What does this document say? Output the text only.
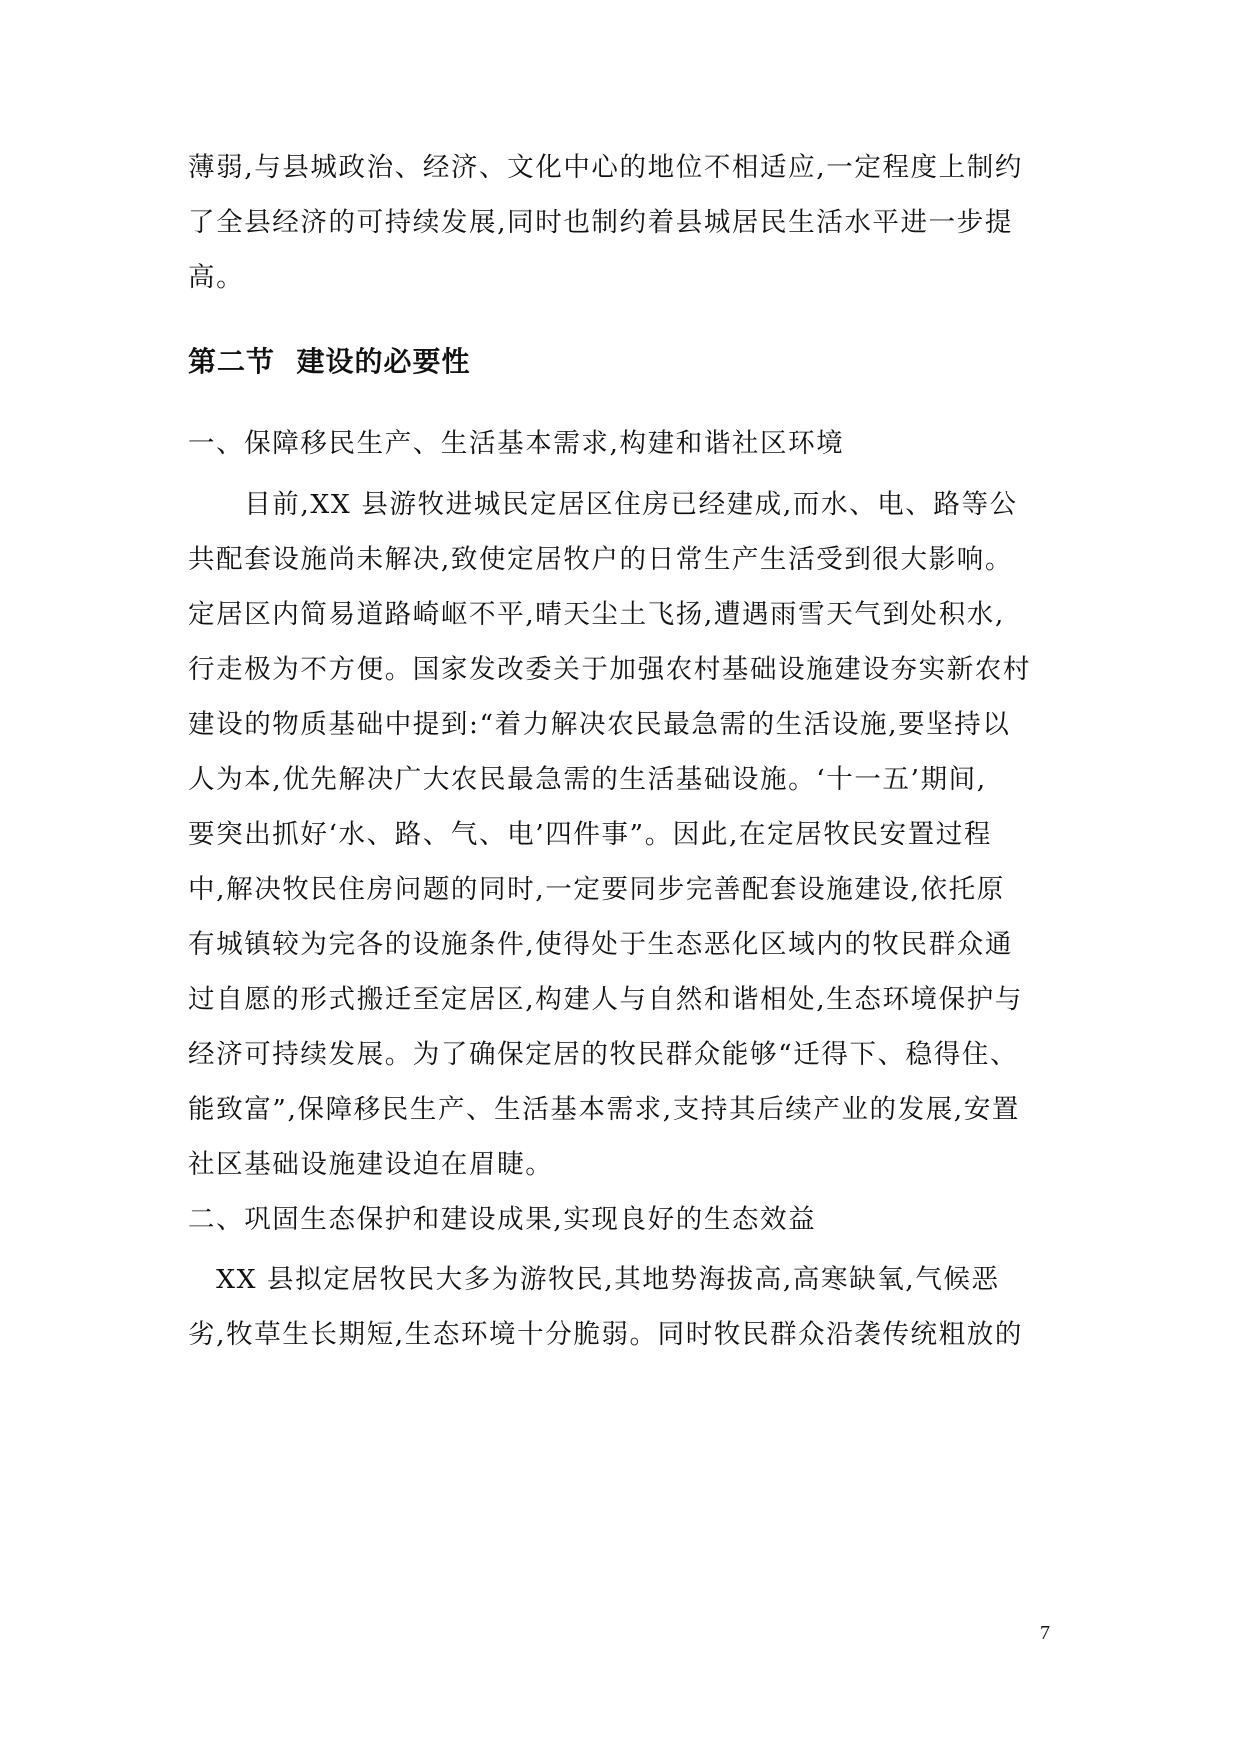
薄弱,与县城政治、经济、文化中心的地位不相适应,一定程度上制约
了全县经济的可持续发展,同时也制约着县城居民生活水平进一步提
高。
第二节  建设的必要性
一、保障移民生产、生活基本需求,构建和谐社区环境
　　目前,XX 县游牧进城民定居区住房已经建成,而水、电、路等公
共配套设施尚未解决,致使定居牧户的日常生产生活受到很大影响。
定居区内简易道路崎岖不平,晴天尘土飞扬,遭遇雨雪天气到处积水,
行走极为不方便。国家发改委关于加强农村基础设施建设夯实新农村
建设的物质基础中提到:“着力解决农民最急需的生活设施,要坚持以
人为本,优先解决广大农民最急需的生活基础设施。‘十一五’期间,
要突出抓好‘水、路、气、电’四件事”。因此,在定居牧民安置过程
中,解决牧民住房问题的同时,一定要同步完善配套设施建设,依托原
有城镇较为完各的设施条件,使得处于生态恶化区域内的牧民群众通
过自愿的形式搬迁至定居区,构建人与自然和谐相处,生态环境保护与
经济可持续发展。为了确保定居的牧民群众能够“迁得下、稳得住、
能致富”,保障移民生产、生活基本需求,支持其后续产业的发展,安置
社区基础设施建设迫在眉睫。
二、巩固生态保护和建设成果,实现良好的生态效益
　XX 县拟定居牧民大多为游牧民,其地势海拔高,高寒缺氧,气候恶
劣,牧草生长期短,生态环境十分脆弱。同时牧民群众沿袭传统粗放的
7
